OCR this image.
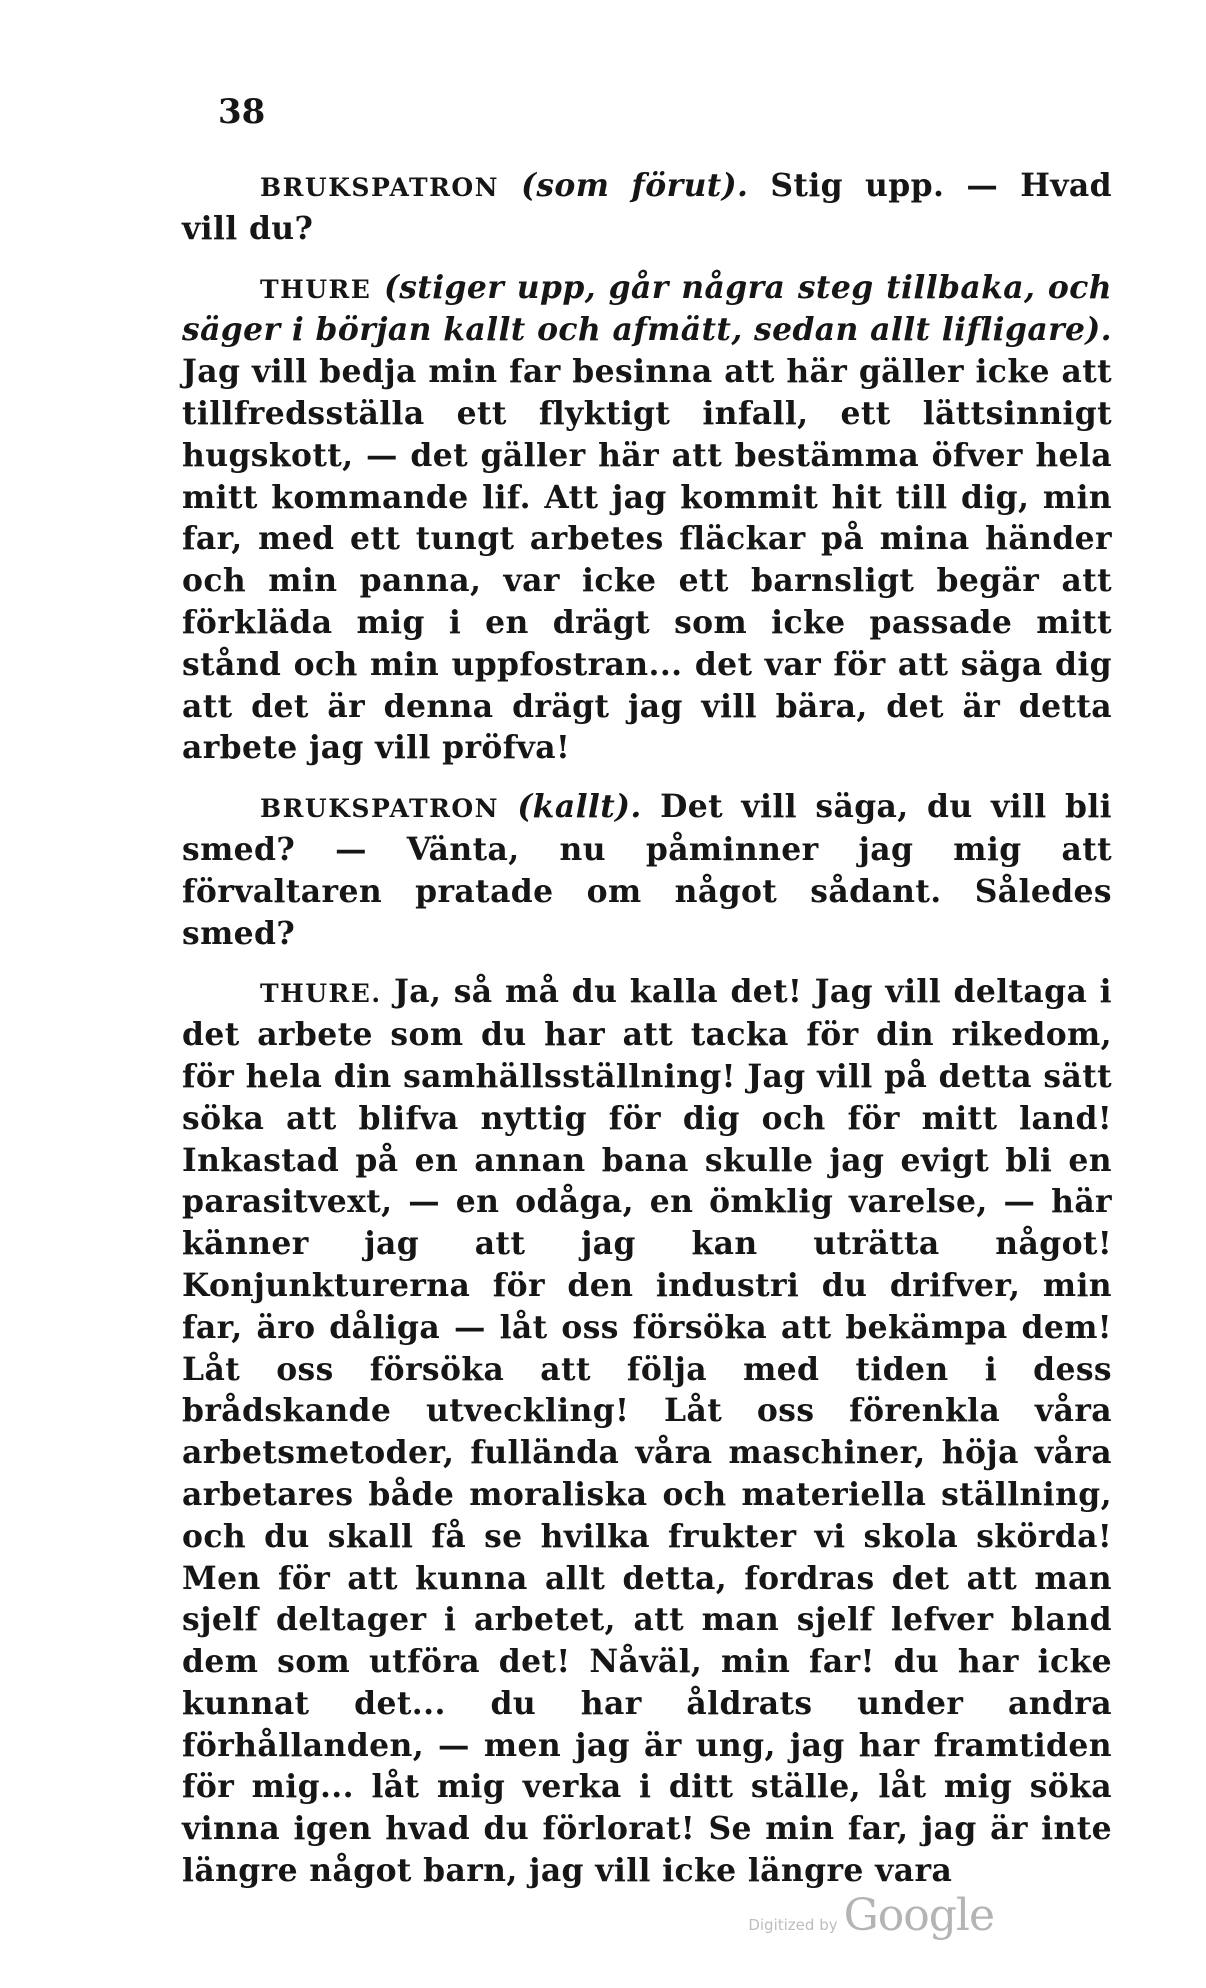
38

BRUKSPATRON (som förut). Stig upp. — Hvad vill du?

THURE (stiger upp, går några steg tillbaka, och säger i början kallt och afmätt, sedan allt lifligare). Jag vill bedja min far besinna att här gäller icke att tillfredsställa ett flyktigt infall, ett lättsinnigt hugskott, — det gäller här att bestämma öfver hela mitt kommande lif. Att jag kommit hit till dig, min far, med ett tungt arbetes fläckar på mina händer och min panna, var icke ett barnsligt begär att förkläda mig i en drägt som icke passade mitt stånd och min uppfostran... det var för att säga dig att det är denna drägt jag vill bära, det är detta arbete jag vill pröfva!

BRUKSPATRON (kallt). Det vill säga, du vill bli smed? — Vänta, nu påminner jag mig att förvaltaren pratade om något sådant. Således smed?

THURE. Ja, så må du kalla det! Jag vill deltaga i det arbete som du har att tacka för din rikedom, för hela din samhällsställning! Jag vill på detta sätt söka att blifva nyttig för dig och för mitt land! Inkastad på en annan bana skulle jag evigt bli en parasitvext, — en odåga, en ömklig varelse, — här känner jag att jag kan uträtta något! Konjunkturerna för den industri du drifver, min far, äro dåliga — låt oss försöka att bekämpa dem! Låt oss försöka att följa med tiden i dess brådskande utveckling! Låt oss förenkla våra arbetsmetoder, fulländа våra maschiner, höja våra arbetares både moraliska och materiella ställning, och du skall få se hvilka frukter vi skola skörda! Men för att kunna allt detta, fordras det att man sjelf deltager i arbetet, att man sjelf lefver bland dem som utföra det! Nåväl, min far! du har icke kunnat det... du har åldrats under andra förhållanden, — men jag är ung, jag har framtiden för mig... låt mig verka i ditt ställe, låt mig söka vinna igen hvad du förlorat! Se min far, jag är inte längre något barn, jag vill icke längre vara

Digitized by Google
